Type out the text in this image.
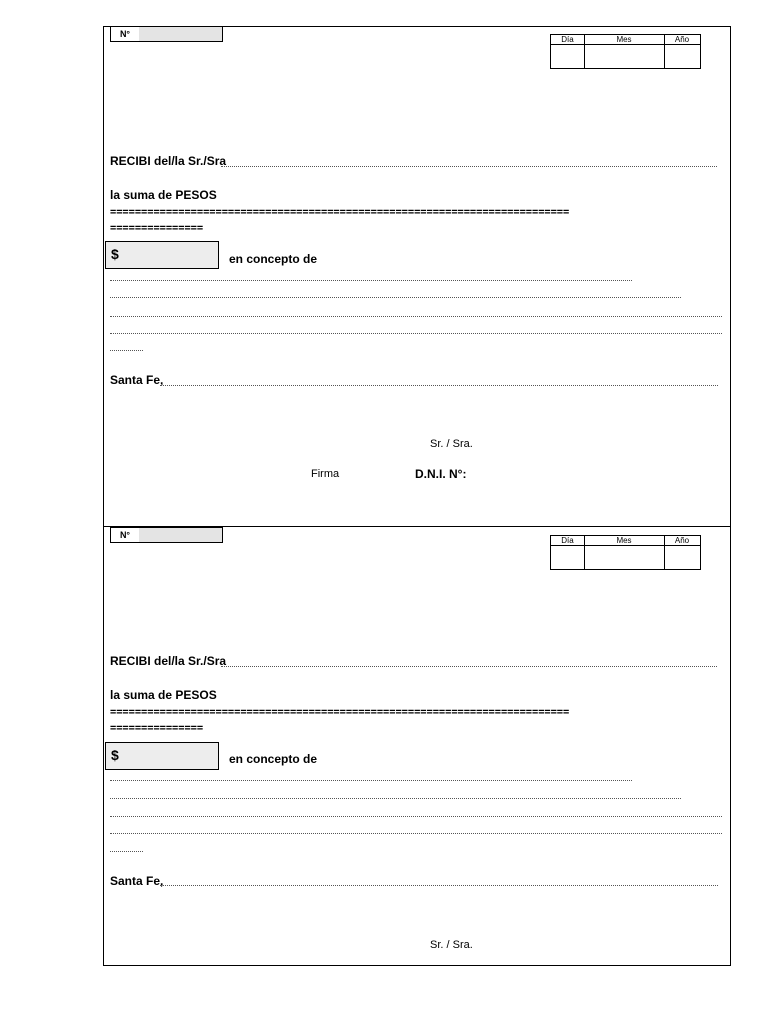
N°
Día	Mes	Año
RECIBI del/la Sr./Sra
la suma de PESOS
==========================================================================
===============
$	en concepto de
Santa Fe,
Sr. / Sra.
Firma	D.N.I. N°:
N°
Día	Mes	Año
RECIBI del/la Sr./Sra
la suma de PESOS
==========================================================================
===============
$	en concepto de
Santa Fe,
Sr. / Sra.
